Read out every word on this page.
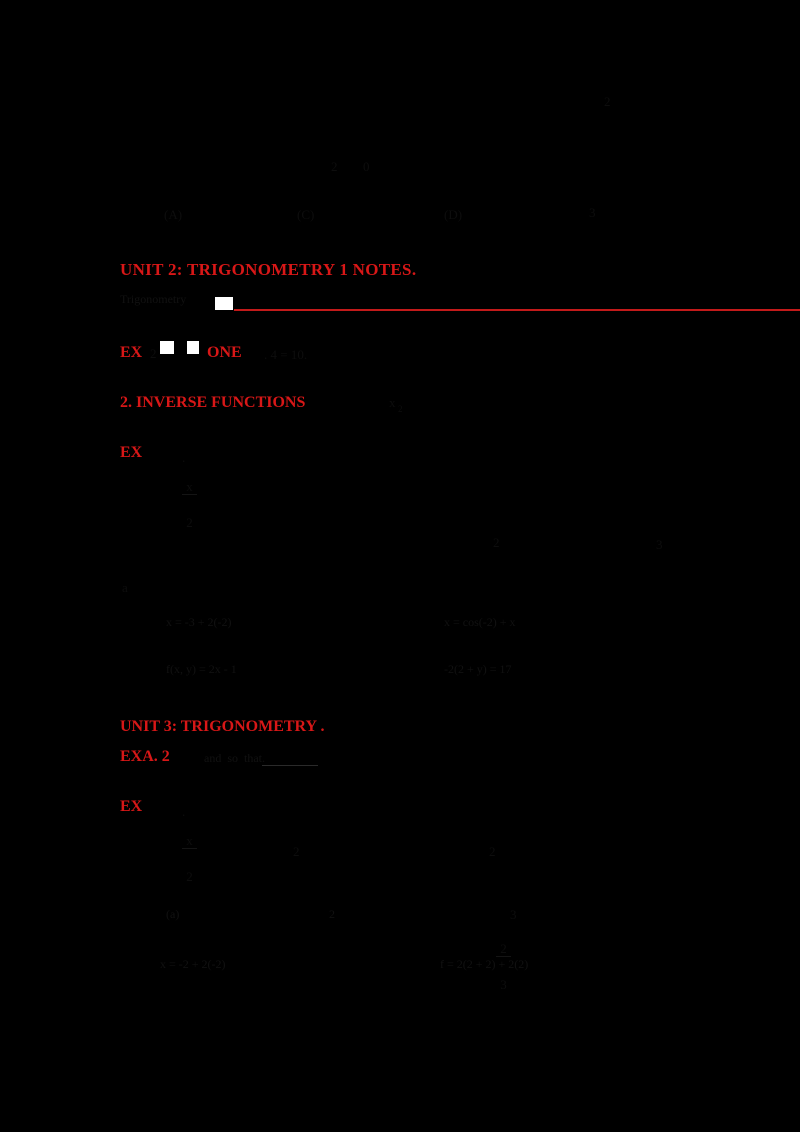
2
2 0
(A)	(C)	(D)	3
UNIT 2: TRIGONOMETRY 1 NOTES.
Trigonometry
EX 2	ONE . 4 = 10.
2. INVERSE FUNCTIONS	x 2
EX

$\frac{x}{2}$

.
2	3
a
x = -3 + 2(-2)	x = cos(-2) + x
f(x, y) = 2x - 1	-2(2 + y) = 17
UNIT 3: TRIGONOMETRY .
EXA. 2	and  so  that.
EX

$\frac{x}{2}$

.
2	2
(a)	2

$\frac{2}{3}$

3
x = -2 + 2(-2)	f = 2(2 + 2) + 2(2)
